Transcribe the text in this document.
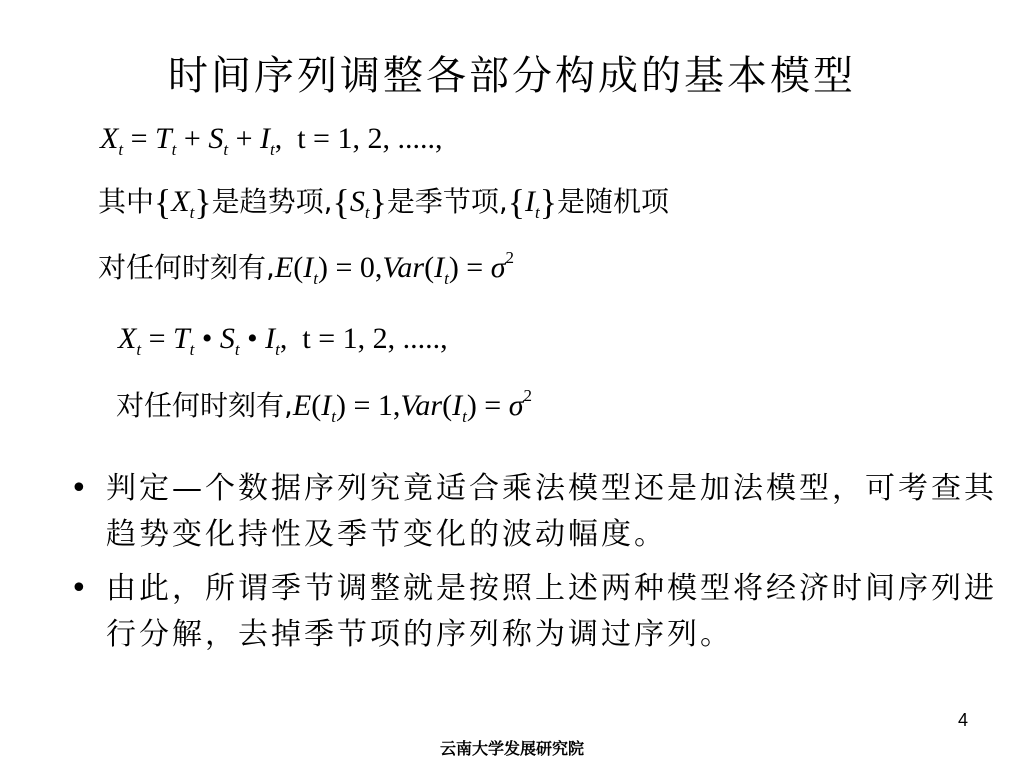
时间序列调整各部分构成的基本模型
$X_t = T_t + S_t + I_t$,  t = 1, 2, .....,
其中$\{X_t\}$是趋势项$,\{S_t\}$是季节项$,\{I_t\}$是随机项
对任何时刻有$,E(I_t) = 0,Var(I_t) = \sigma^2$
$X_t = T_t$ • $S_t$ • $I_t$,  t = 1, 2, .....,
对任何时刻有$,E(I_t) = 1,Var(I_t) = \sigma^2$
• 判定—个数据序列究竟适合乘法模型还是加法模型，可考查其趋势变化持性及季节变化的波动幅度。
• 由此，所谓季节调整就是按照上述两种模型将经济时间序列进行分解，去掉季节项的序列称为调过序列。
4
云南大学发展研究院
